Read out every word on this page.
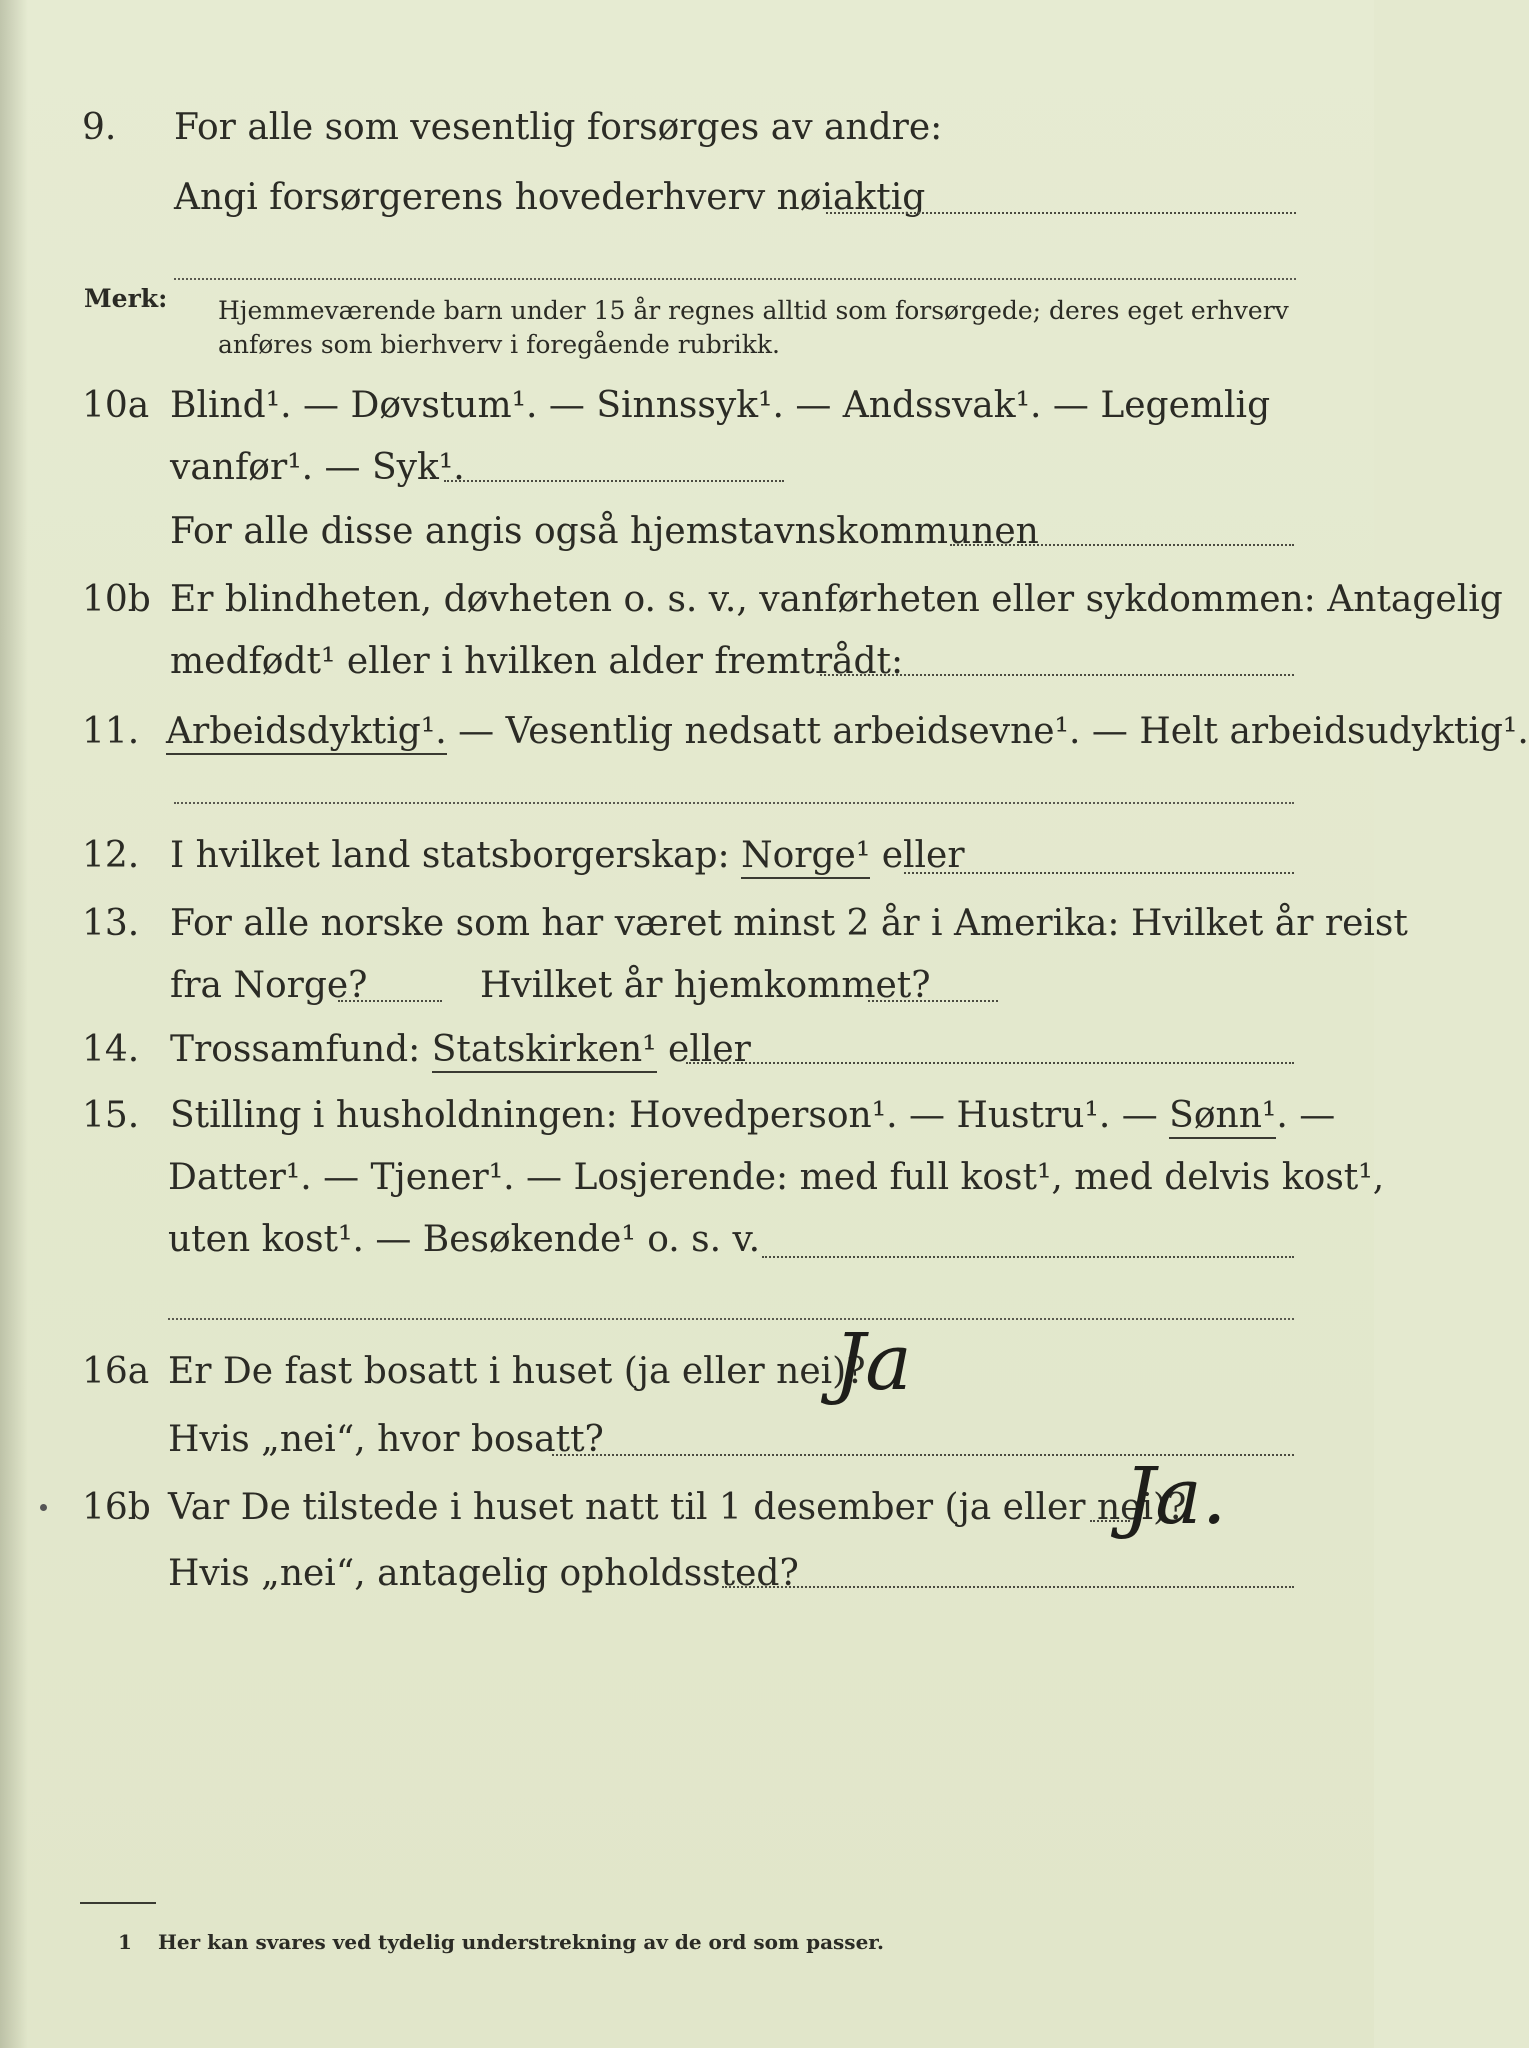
9. For alle som vesentlig forsørges av andre:
Angi forsørgerens hovederhverv nøiaktig
Merk: Hjemmeværende barn under 15 år regnes alltid som forsørgede; deres eget erhverv
anføres som bierhverv i foregående rubrikk.
10a Blind¹. — Døvstum¹. — Sinnssyk¹. — Andssvak¹. — Legemlig
vanfør¹. — Syk¹.
For alle disse angis også hjemstavnskommunen
10b Er blindheten, døvheten o. s. v., vanførheten eller sykdommen: Antagelig
medfødt¹ eller i hvilken alder fremtrådt:
11. Arbeidsdyktig¹. — Vesentlig nedsatt arbeidsevne¹. — Helt arbeidsudyktig¹.
12. I hvilket land statsborgerskap: Norge¹ eller
13. For alle norske som har været minst 2 år i Amerika: Hvilket år reist
fra Norge?	Hvilket år hjemkommet?
14. Trossamfund: Statskirken¹ eller
15. Stilling i husholdningen: Hovedperson¹. — Hustru¹. — Sønn¹. —
Datter¹. — Tjener¹. — Losjerende: med full kost¹, med delvis kost¹,
uten kost¹. — Besøkende¹ o. s. v.
16a Er De fast bosatt i huset (ja eller nei)?
Ja
Hvis „nei“, hvor bosatt?
16b Var De tilstede i huset natt til 1 desember (ja eller nei)?
Ja.
Hvis „nei“, antagelig opholdssted?
1 Her kan svares ved tydelig understrekning av de ord som passer.
